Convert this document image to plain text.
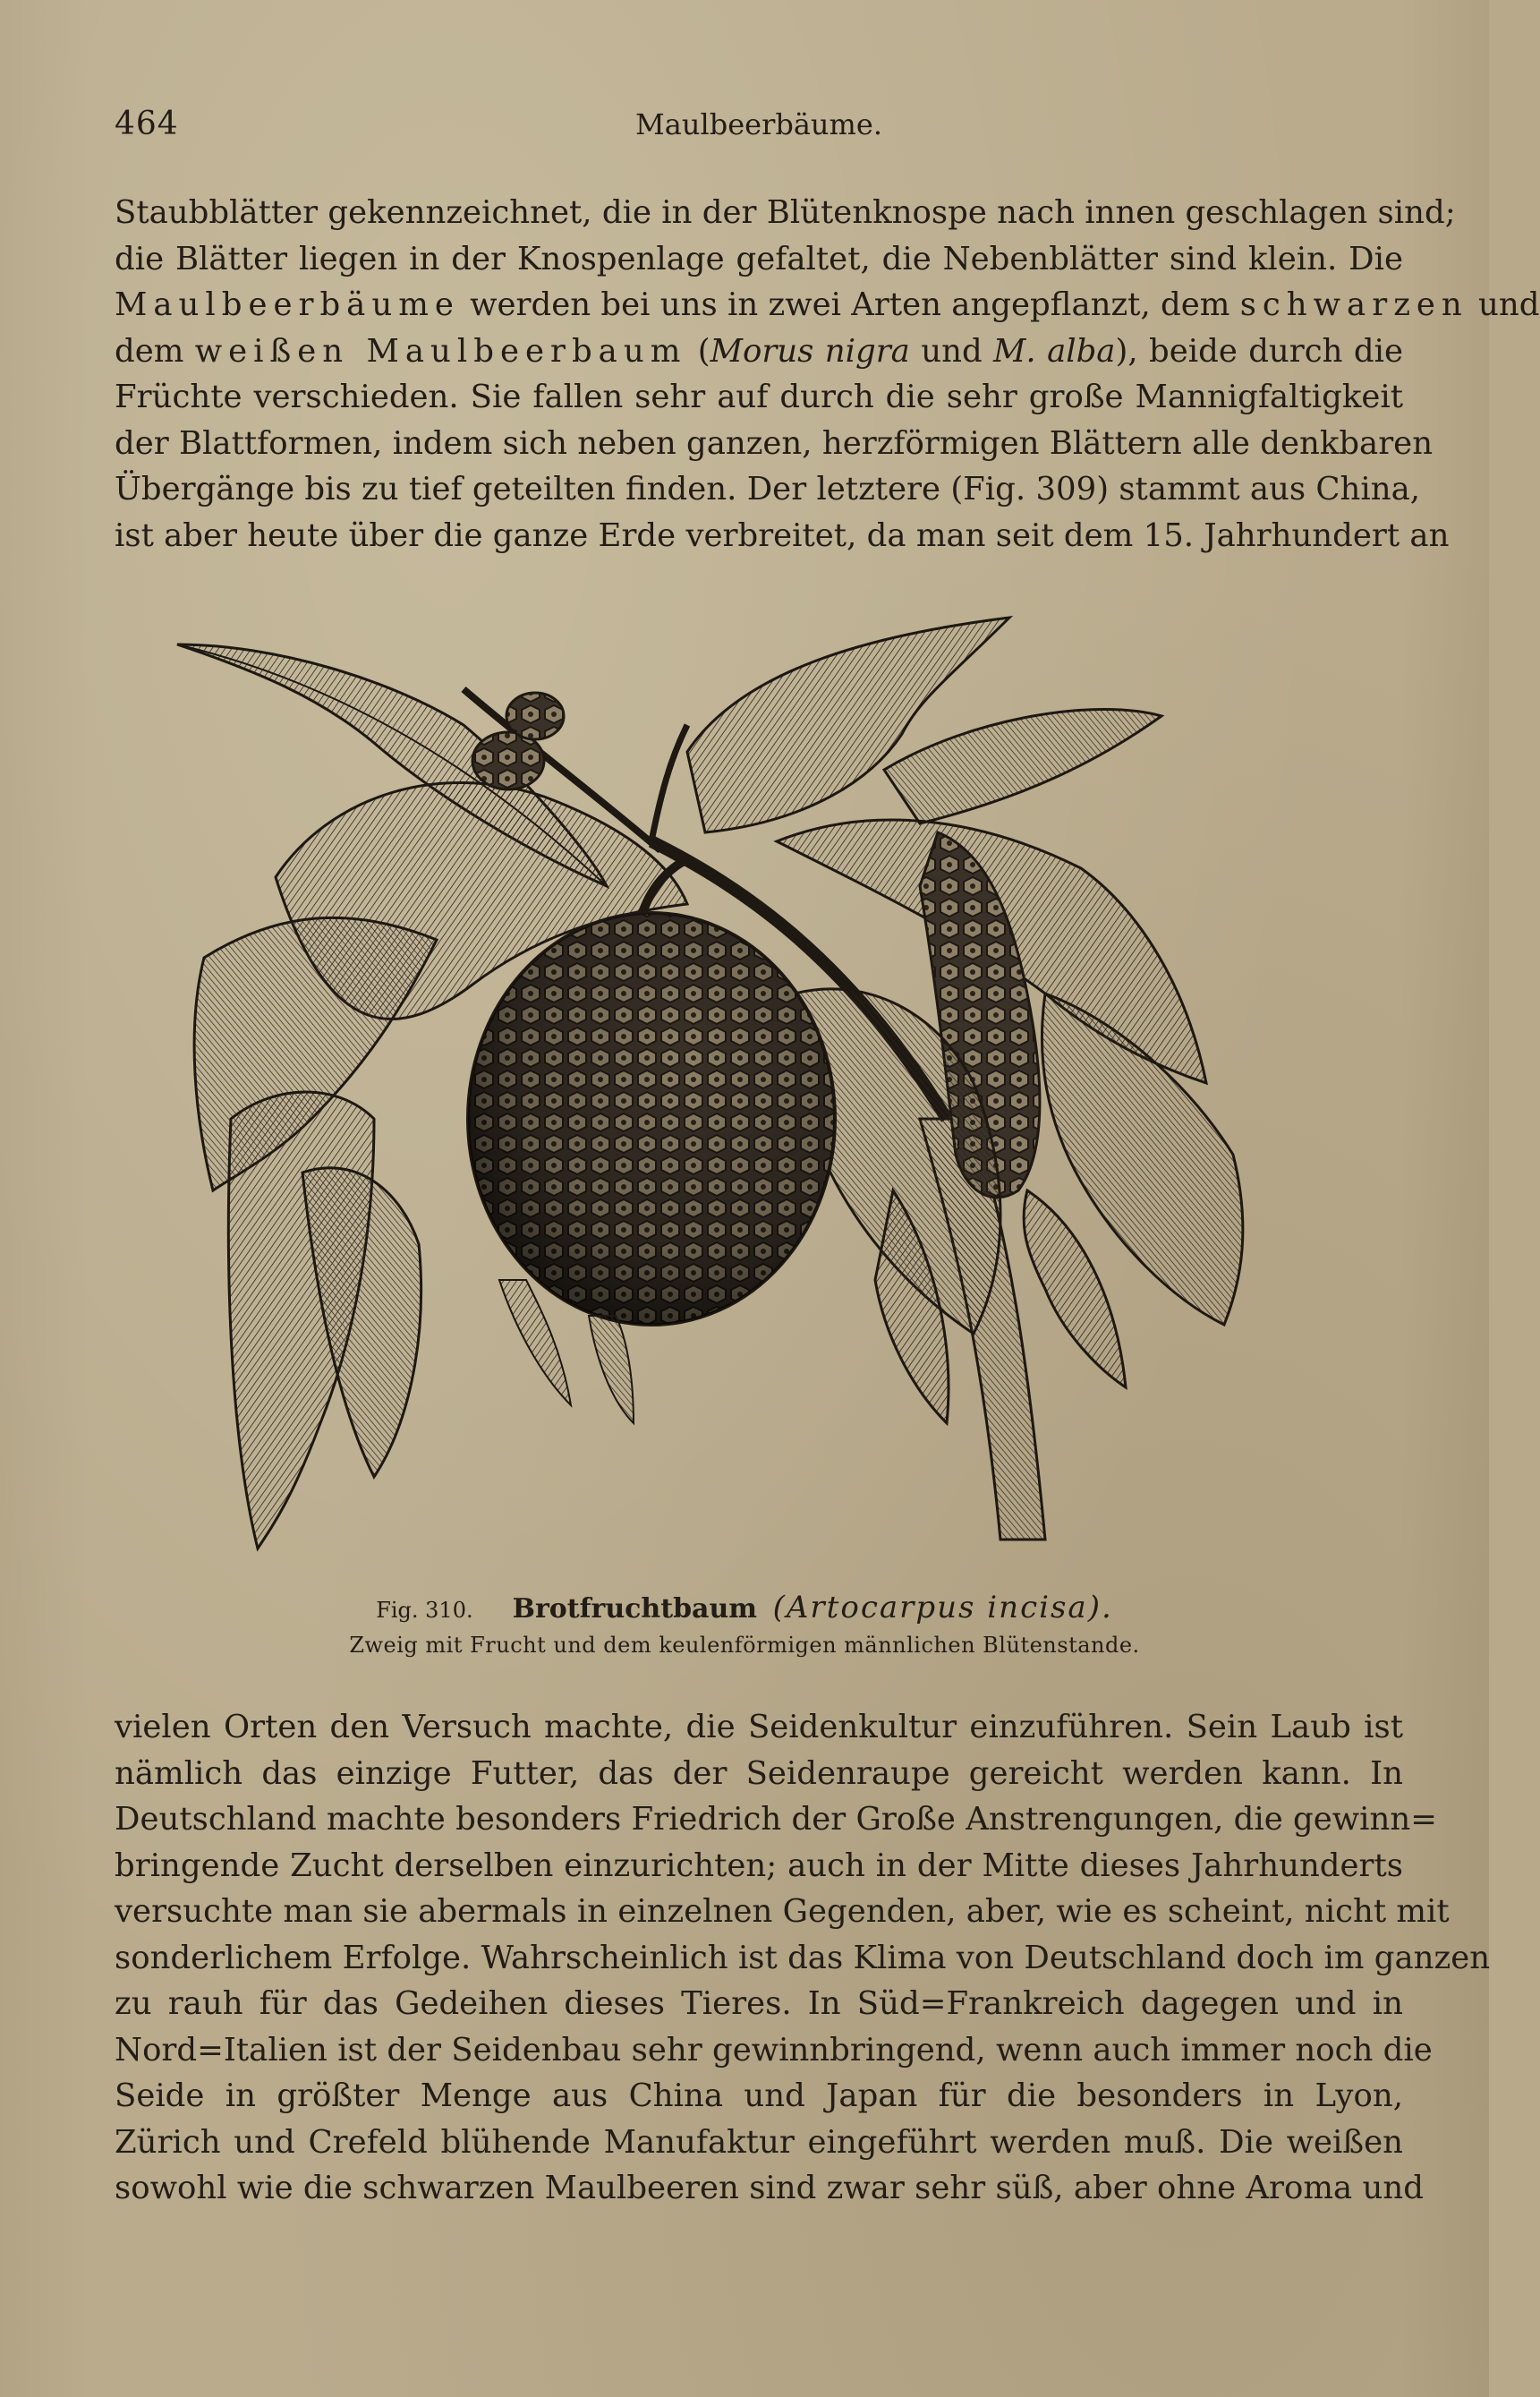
464	Maulbeerbäume.
Staubblätter gekennzeichnet, die in der Blütenknospe nach innen geschlagen sind;
die Blätter liegen in der Knospenlage gefaltet, die Nebenblätter sind klein. Die
Maulbeerbäume werden bei uns in zwei Arten angepflanzt, dem schwarzen und
dem weißen Maulbeerbaum (Morus nigra und M. alba), beide durch die
Früchte verschieden. Sie fallen sehr auf durch die sehr große Mannigfaltigkeit
der Blattformen, indem sich neben ganzen, herzförmigen Blättern alle denkbaren
Übergänge bis zu tief geteilten finden. Der letztere (Fig. 309) stammt aus China,
ist aber heute über die ganze Erde verbreitet, da man seit dem 15. Jahrhundert an
Fig. 310. Brotfruchtbaum (Artocarpus incisa).
Zweig mit Frucht und dem keulenförmigen männlichen Blütenstande.
vielen Orten den Versuch machte, die Seidenkultur einzuführen. Sein Laub ist
nämlich das einzige Futter, das der Seidenraupe gereicht werden kann. In
Deutschland machte besonders Friedrich der Große Anstrengungen, die gewinn=
bringende Zucht derselben einzurichten; auch in der Mitte dieses Jahrhunderts
versuchte man sie abermals in einzelnen Gegenden, aber, wie es scheint, nicht mit
sonderlichem Erfolge. Wahrscheinlich ist das Klima von Deutschland doch im ganzen
zu rauh für das Gedeihen dieses Tieres. In Süd=Frankreich dagegen und in
Nord=Italien ist der Seidenbau sehr gewinnbringend, wenn auch immer noch die
Seide in größter Menge aus China und Japan für die besonders in Lyon,
Zürich und Crefeld blühende Manufaktur eingeführt werden muß. Die weißen
sowohl wie die schwarzen Maulbeeren sind zwar sehr süß, aber ohne Aroma und
